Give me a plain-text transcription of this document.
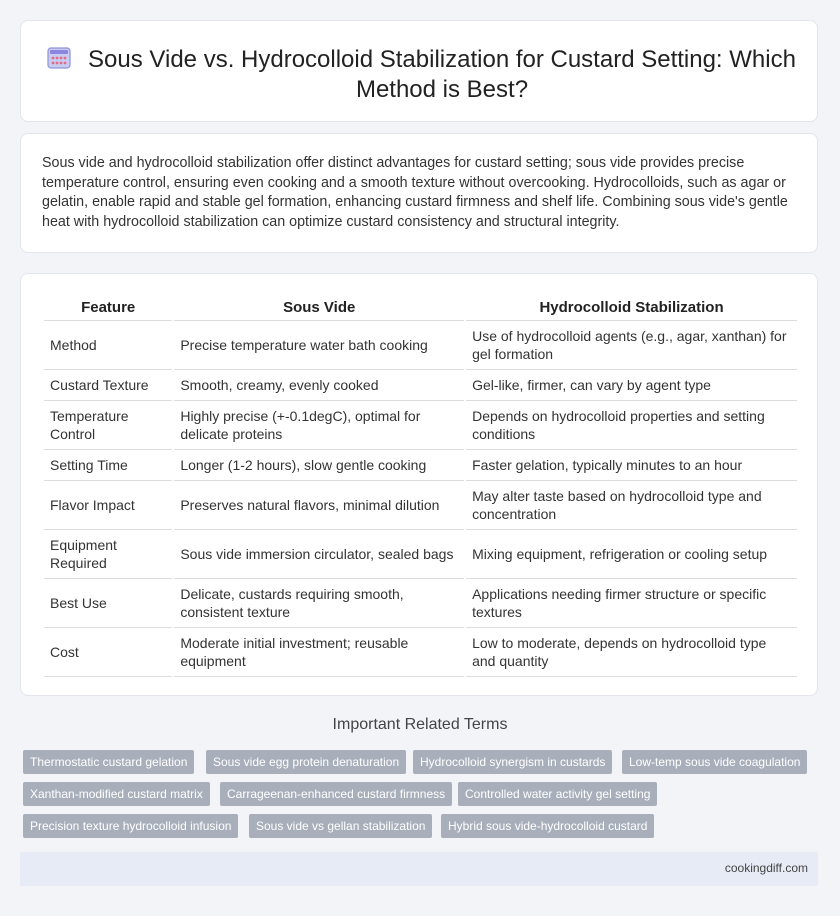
Sous Vide vs. Hydrocolloid Stabilization for Custard Setting: Which Method is Best?

Sous vide and hydrocolloid stabilization offer distinct advantages for custard setting; sous vide provides precise temperature control, ensuring even cooking and a smooth texture without overcooking. Hydrocolloids, such as agar or gelatin, enable rapid and stable gel formation, enhancing custard firmness and shelf life. Combining sous vide's gentle heat with hydrocolloid stabilization can optimize custard consistency and structural integrity.

Feature	Sous Vide	Hydrocolloid Stabilization
Method	Precise temperature water bath cooking	Use of hydrocolloid agents (e.g., agar, xanthan) for gel formation
Custard Texture	Smooth, creamy, evenly cooked	Gel-like, firmer, can vary by agent type
Temperature Control	Highly precise (+-0.1degC), optimal for delicate proteins	Depends on hydrocolloid properties and setting conditions
Setting Time	Longer (1-2 hours), slow gentle cooking	Faster gelation, typically minutes to an hour
Flavor Impact	Preserves natural flavors, minimal dilution	May alter taste based on hydrocolloid type and concentration
Equipment Required	Sous vide immersion circulator, sealed bags	Mixing equipment, refrigeration or cooling setup
Best Use	Delicate, custards requiring smooth, consistent texture	Applications needing firmer structure or specific textures
Cost	Moderate initial investment; reusable equipment	Low to moderate, depends on hydrocolloid type and quantity
Important Related Terms
Thermostatic custard gelation	Sous vide egg protein denaturation	Hydrocolloid synergism in custards	Low-temp sous vide coagulation
Xanthan-modified custard matrix	Carrageenan-enhanced custard firmness	Controlled water activity gel setting
Precision texture hydrocolloid infusion	Sous vide vs gellan stabilization	Hybrid sous vide-hydrocolloid custard
cookingdiff.com
